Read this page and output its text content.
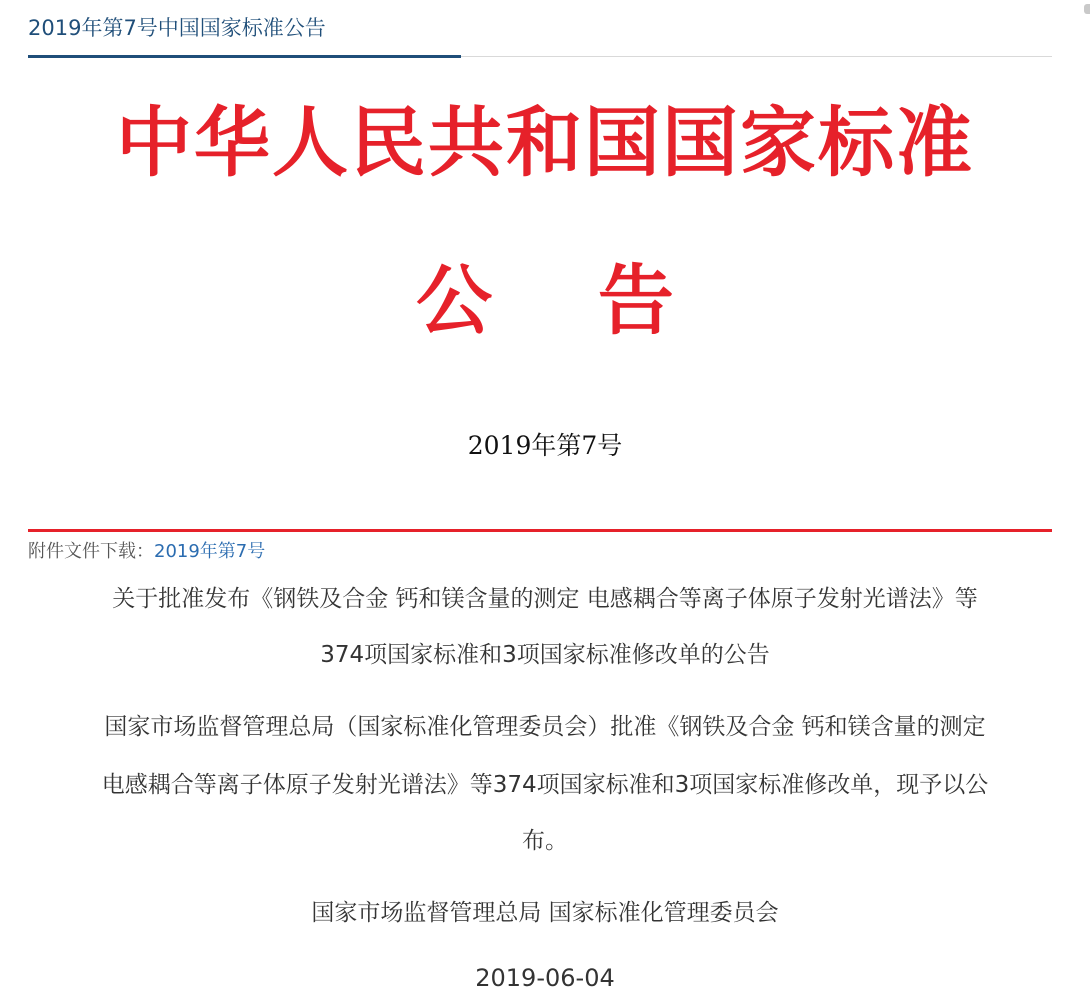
2019年第7号中国国家标准公告
中华人民共和国国家标准
公    告
2019年第7号
附件文件下载：2019年第7号
关于批准发布《钢铁及合金 钙和镁含量的测定 电感耦合等离子体原子发射光谱法》等
374项国家标准和3项国家标准修改单的公告
国家市场监督管理总局（国家标准化管理委员会）批准《钢铁及合金 钙和镁含量的测定
电感耦合等离子体原子发射光谱法》等374项国家标准和3项国家标准修改单，现予以公
布。
国家市场监督管理总局 国家标准化管理委员会
2019-06-04
